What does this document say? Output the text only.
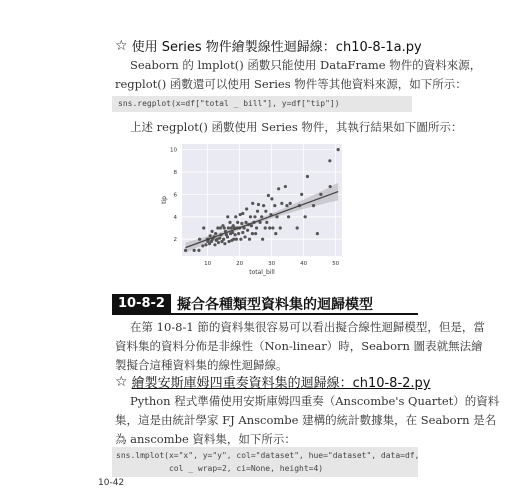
☆ 使用 Series 物件繪製線性迴歸線：ch10-8-1a.py
Seaborn 的 lmplot() 函數只能使用 DataFrame 物件的資料來源，
regplot() 函數還可以使用 Series 物件等其他資料來源，如下所示：
sns.regplot(x=df["total _ bill"], y=df["tip"])
上述 regplot() 函數使用 Series 物件，其執行結果如下圖所示：
10	20	30	40	50
2
4
6
8
10
total_bill
tip
10-8-2 擬合各種類型資料集的迴歸模型
在第 10-8-1 節的資料集很容易可以看出擬合線性迴歸模型，但是，當
資料集的資料分佈是非線性（Non-linear）時，Seaborn 圖表就無法繪
製擬合這種資料集的線性迴歸線。
☆ 繪製安斯庫姆四重奏資料集的迴歸線：ch10-8-2.py
Python 程式準備使用安斯庫姆四重奏（Anscombe's Quartet）的資料
集，這是由統計學家 FJ Anscombe 建構的統計數據集，在 Seaborn 是名
為 anscombe 資料集，如下所示：
sns.lmplot(x="x", y="y", col="dataset", hue="dataset", data=df,
col _ wrap=2, ci=None, height=4)
10-42
